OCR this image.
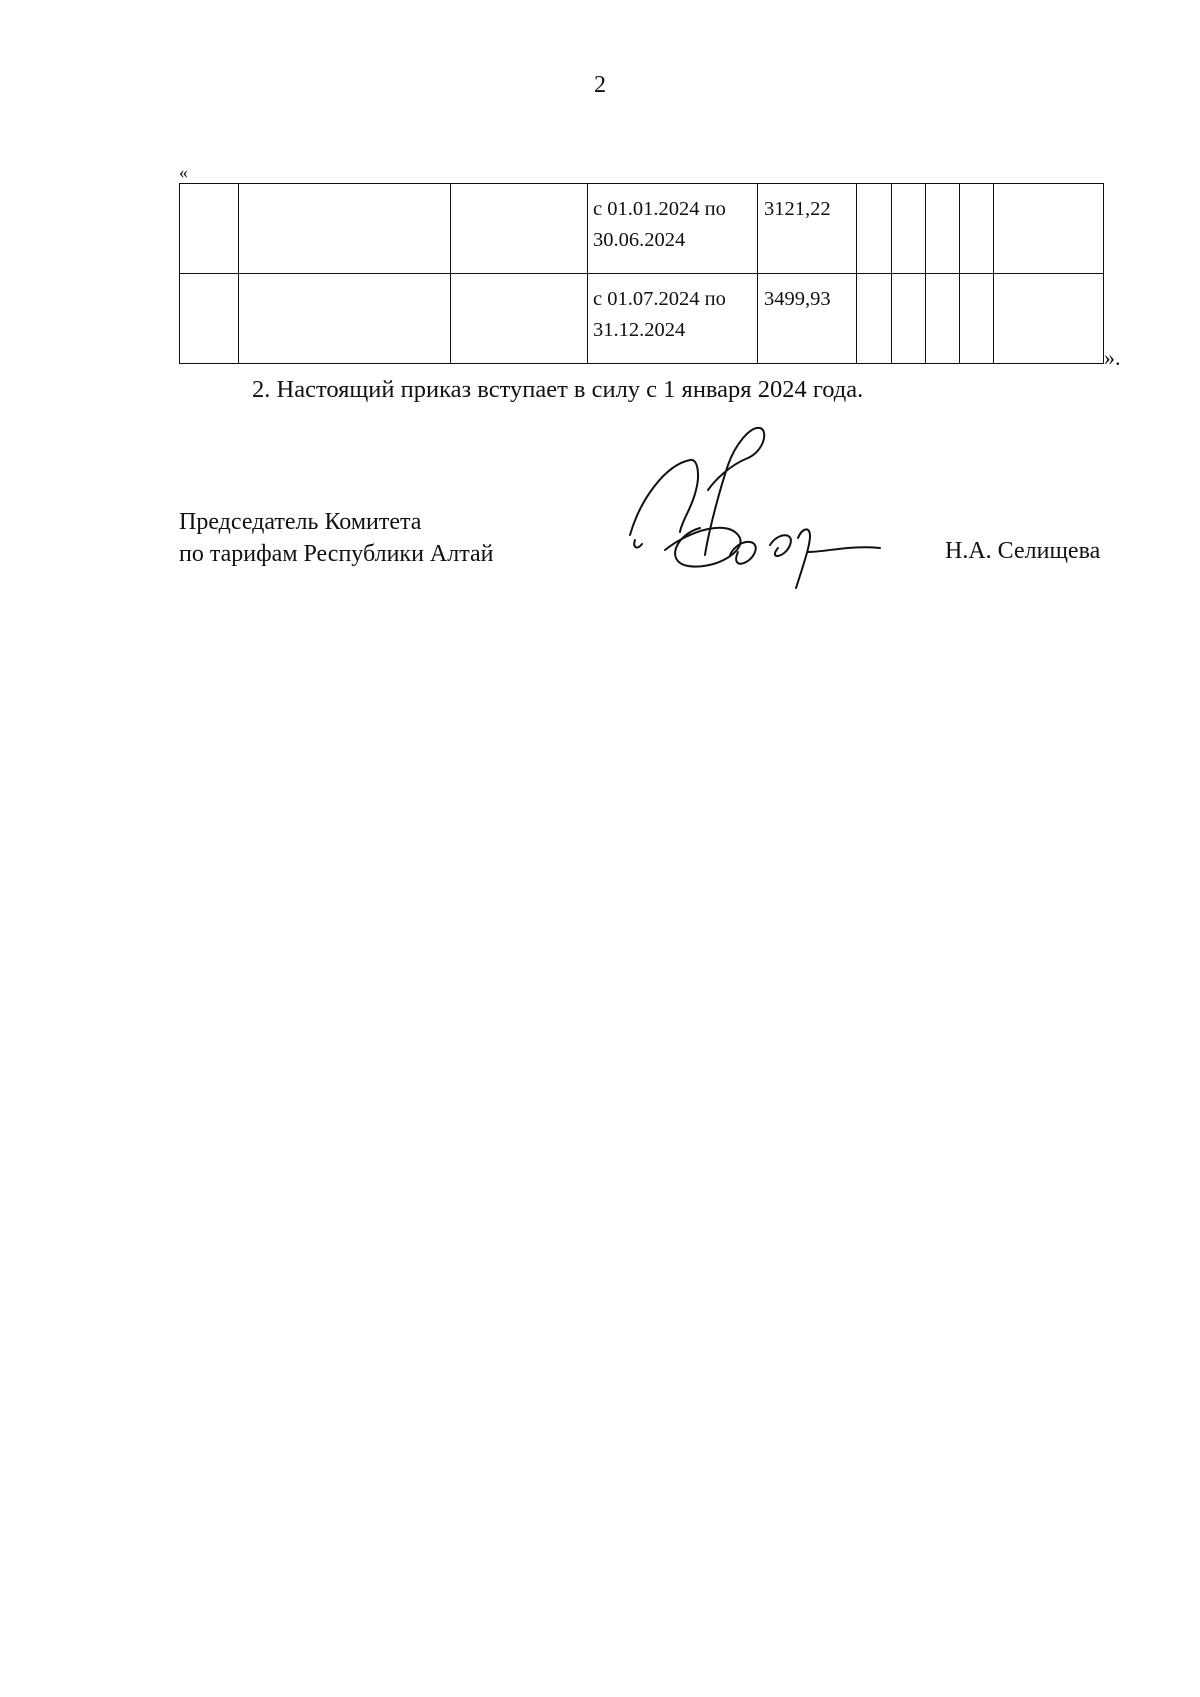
2
«
			с 01.01.2024 по 30.06.2024	3121,22					
			с 01.07.2024 по 31.12.2024	3499,93					
».
2. Настоящий приказ вступает в силу с 1 января 2024 года.
Председатель Комитета
по тарифам Республики Алтай	Н.А. Селищева
